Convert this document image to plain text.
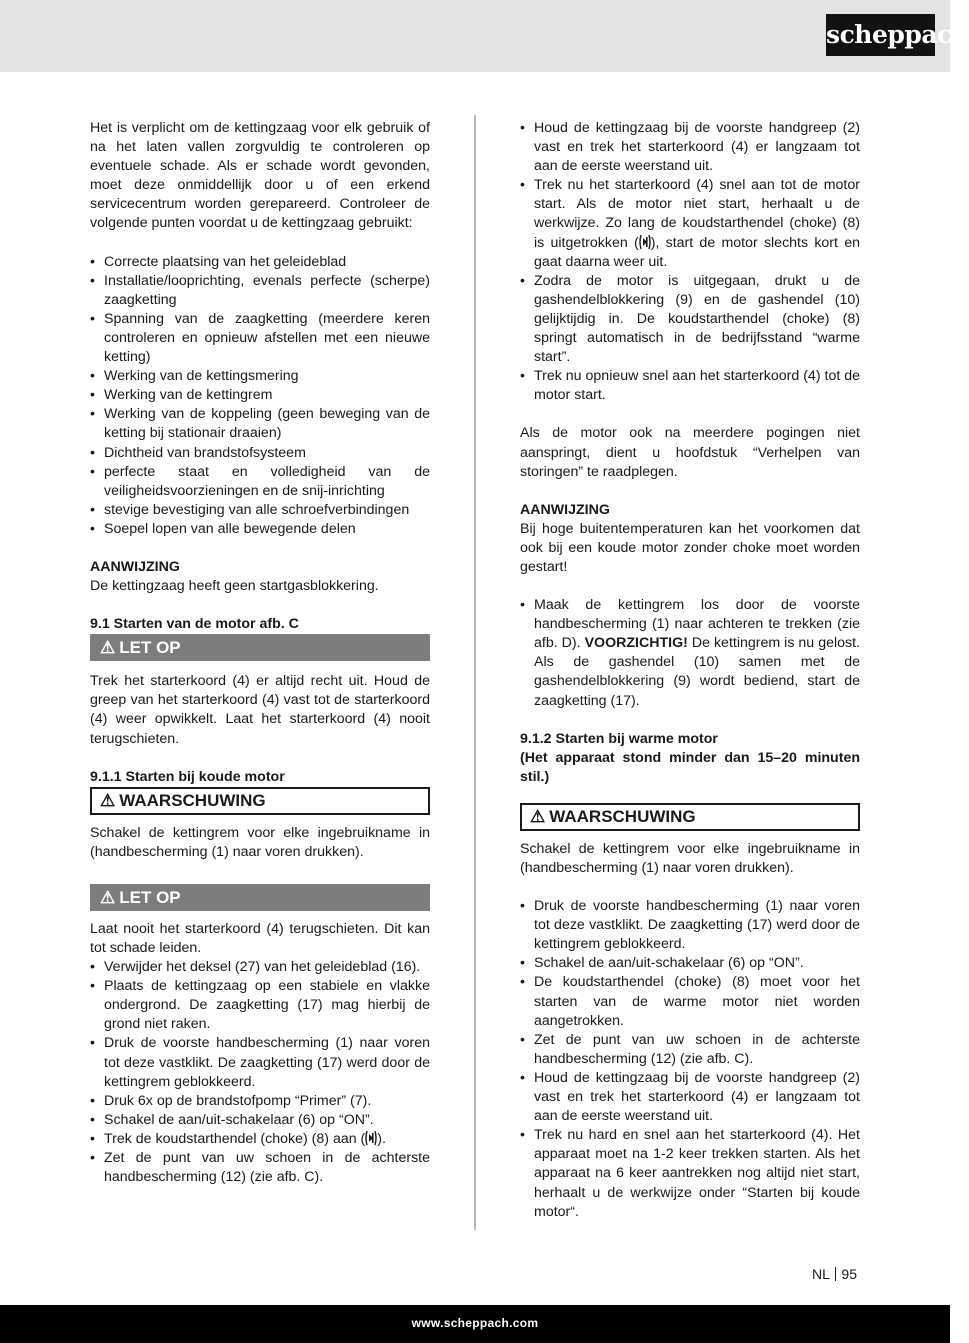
scheppach

Het is verplicht om de kettingzaag voor elk gebruik of na het laten vallen zorgvuldig te controleren op eventuele schade. Als er schade wordt gevonden, moet deze onmiddellijk door u of een erkend servicecentrum worden gerepareerd. Controleer de volgende punten voordat u de kettingzaag gebruikt:

• Correcte plaatsing van het geleideblad
• Installatie/looprichting, evenals perfecte (scherpe) zaagketting
• Spanning van de zaagketting (meerdere keren controleren en opnieuw afstellen met een nieuwe ketting)
• Werking van de kettingsmering
• Werking van de kettingrem
• Werking van de koppeling (geen beweging van de ketting bij stationair draaien)
• Dichtheid van brandstofsysteem
• perfecte staat en volledigheid van de veiligheidsvoorzieningen en de snij-inrichting
• stevige bevestiging van alle schroefverbindingen
• Soepel lopen van alle bewegende delen

AANWIJZING

De kettingzaag heeft geen startgasblokkering.

9.1 Starten van de motor afb. C
⚠ LET OP

Trek het starterkoord (4) er altijd recht uit. Houd de greep van het starterkoord (4) vast tot de starterkoord (4) weer opwikkelt. Laat het starterkoord (4) nooit terugschieten.

9.1.1 Starten bij koude motor
⚠ WAARSCHUWING

Schakel de kettingrem voor elke ingebruikname in (handbescherming (1) naar voren drukken).

⚠ LET OP

Laat nooit het starterkoord (4) terugschieten. Dit kan tot schade leiden.

• Verwijder het deksel (27) van het geleideblad (16).
• Plaats de kettingzaag op een stabiele en vlakke ondergrond. De zaagketting (17) mag hierbij de grond niet raken.
• Druk de voorste handbescherming (1) naar voren tot deze vastklikt. De zaagketting (17) werd door de kettingrem geblokkeerd.
• Druk 6x op de brandstofpomp “Primer” (7).
• Schakel de aan/uit-schakelaar (6) op “ON”.
• Trek de koudstarthendel (choke) (8) aan ( ).
• Zet de punt van uw schoen in de achterste handbescherming (12) (zie afb. C).
• Houd de kettingzaag bij de voorste handgreep (2) vast en trek het starterkoord (4) er langzaam tot aan de eerste weerstand uit.
• Trek nu het starterkoord (4) snel aan tot de motor start. Als de motor niet start, herhaalt u de werkwijze. Zo lang de koudstarthendel (choke) (8) is uitgetrokken ( ), start de motor slechts kort en gaat daarna weer uit.
• Zodra de motor is uitgegaan, drukt u de gashendelblokkering (9) en de gashendel (10) gelijktijdig in. De koudstarthendel (choke) (8) springt automatisch in de bedrijfsstand “warme start”.
• Trek nu opnieuw snel aan het starterkoord (4) tot de motor start.

Als de motor ook na meerdere pogingen niet aanspringt, dient u hoofdstuk “Verhelpen van storingen” te raadplegen.

AANWIJZING

Bij hoge buitentemperaturen kan het voorkomen dat ook bij een koude motor zonder choke moet worden gestart!

• Maak de kettingrem los door de voorste handbescherming (1) naar achteren te trekken (zie afb. D). VOORZICHTIG! De kettingrem is nu gelost. Als de gashendel (10) samen met de gashendelblokkering (9) wordt bediend, start de zaagketting (17).
9.1.2 Starten bij warme motor
(Het apparaat stond minder dan 15–20 minuten stil.)
⚠ WAARSCHUWING

Schakel de kettingrem voor elke ingebruikname in (handbescherming (1) naar voren drukken).

• Druk de voorste handbescherming (1) naar voren tot deze vastklikt. De zaagketting (17) werd door de kettingrem geblokkeerd.
• Schakel de aan/uit-schakelaar (6) op “ON”.
• De koudstarthendel (choke) (8) moet voor het starten van de warme motor niet worden aangetrokken.
• Zet de punt van uw schoen in de achterste handbescherming (12) (zie afb. C).
• Houd de kettingzaag bij de voorste handgreep (2) vast en trek het starterkoord (4) er langzaam tot aan de eerste weerstand uit.
• Trek nu hard en snel aan het starterkoord (4). Het apparaat moet na 1-2 keer trekken starten. Als het apparaat na 6 keer aantrekken nog altijd niet start, herhaalt u de werkwijze onder “Starten bij koude motor“.
NL 95
www.scheppach.com
